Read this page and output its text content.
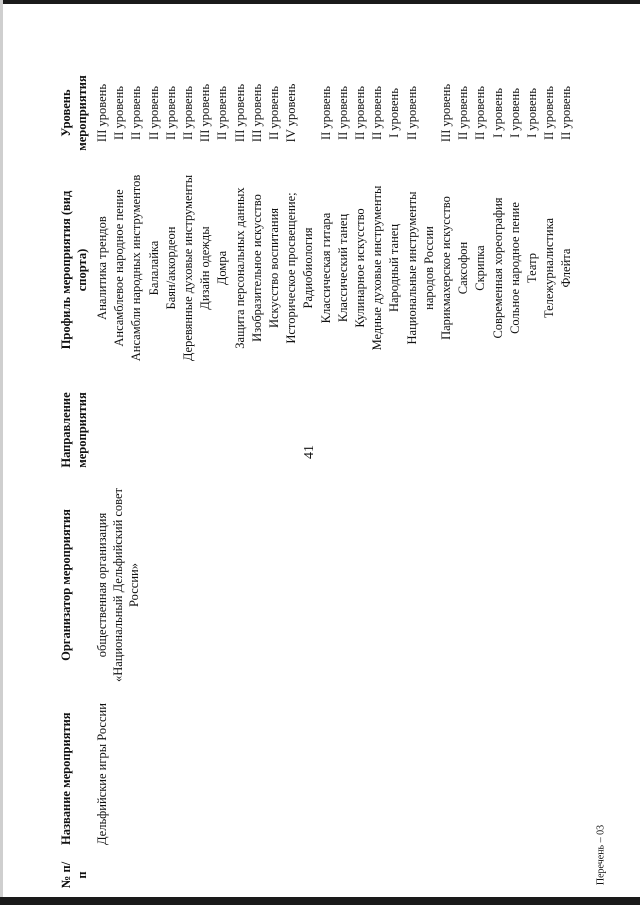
41
Перечень – 03
№ п/п
Название мероприятия
Организатор мероприятия
Направление мероприятия
Профиль мероприятия (вид спорта)
Уровень мероприятия
Дельфийские игры России
общественная организация «Национальный Дельфийский совет России»
Аналитика трендов
III уровень
Ансамблевое народное пение
II уровень
Ансамбли народных инструментов
II уровень
Балалайка
II уровень
Баян/аккордеон
II уровень
Деревянные духовые инструменты
II уровень
Дизайн одежды
III уровень
Домра
II уровень
Защита персональных данных
III уровень
Изобразительное искусство
III уровень
Искусство воспитания
II уровень
Историческое просвещение;
IV уровень
Радиобиология Классическая гитара
II уровень
Классический танец
II уровень
Кулинарное искусство
II уровень
Медные духовые инструменты
II уровень
Народный танец
I уровень
Национальные инструменты
II уровень
народов России Парикмахерское искусство
III уровень
Саксофон
II уровень
Скрипка
II уровень
Современная хореография
I уровень
Сольное народное пение
I уровень
Театр
I уровень
Тележурналистика
II уровень
Флейта
II уровень
